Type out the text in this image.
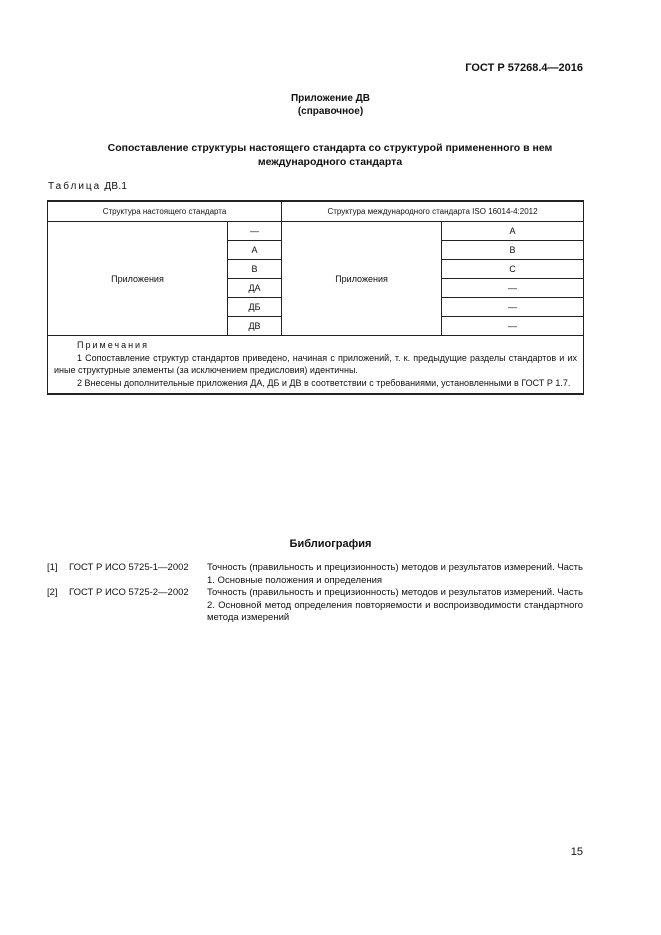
ГОСТ Р 57268.4—2016
Приложение ДВ
(справочное)
Сопоставление структуры настоящего стандарта со структурой примененного в нем
международного стандарта
Таблица ДВ.1
Структура настоящего стандарта		Структура международного стандарта ISO 16014-4:2012	
Приложения	—	Приложения	A
	A		B
	B		C
	ДА		—
	ДБ		—
	ДВ		—

Примечания
1 Сопоставление структур стандартов приведено, начиная с приложений, т. к. предыдущие разделы стандартов и их иные структурные элементы (за исключением предисловия) идентичны.
2 Внесены дополнительные приложения ДА, ДБ и ДВ в соответствии с требованиями, установленными в ГОСТ Р 1.7.			
Библиография
[1] ГОСТ Р ИСО 5725-1—2002 Точность (правильность и прецизионность) методов и результатов измерений. Часть 1. Основные положения и определения
[2] ГОСТ Р ИСО 5725-2—2002 Точность (правильность и прецизионность) методов и результатов измерений. Часть 2. Основной метод определения повторяемости и воспроизводимости стандартного метода измерений
15
